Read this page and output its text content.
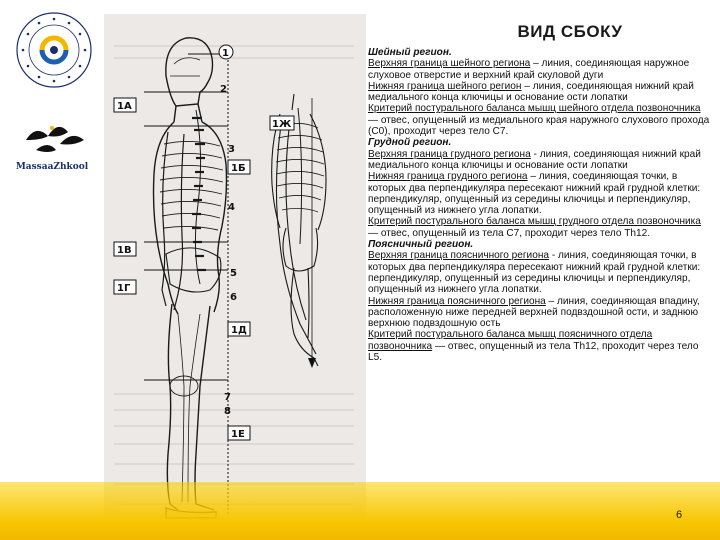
MassaaZhkool
1
2
3
4
5
6
7
8
1А
1В
1Г
1Б
1Д
1Е
1Ж
ВИД СБОКУ

Шейный регион.

Верхняя граница шейного региона – линия, соединяющая наружное слуховое отверстие и верхний край скуловой дуги

Нижняя граница шейного регион – линия, соединяющая нижний край медиального конца ключицы и основание ости лопатки

Критерий постурального баланса мышц шейного отдела позвоночника — отвес, опущенный из медиального края наружного слухового прохода (С0), проходит через тело С7.

Грудной регион.

Верхняя граница грудного региона - линия, соединяющая нижний край медиального конца ключицы и основание ости лопатки

Нижняя граница грудного региона – линия, соединяющая точки, в которых два перпендикуляра пересекают нижний край грудной клетки: перпендикуляр, опущенный из середины ключицы и перпендикуляр, опущенный из нижнего угла лопатки.

Критерий постурального баланса мышц грудного отдела позвоночника — отвес, опущенный из тела С7, проходит через тело Th12.

Поясничный регион.

Верхняя граница поясничного региона - линия, соединяющая точки, в которых два перпендикуляра пересекают нижний край грудной клетки: перпендикуляр, опущенный из середины ключицы и перпендикуляр, опущенный из нижнего угла лопатки.

Нижняя граница поясничного региона – линия, соединяющая впадину, расположенную ниже передней верхней подвздошной ости, и заднюю верхнюю подвздошную ость

Критерий постурального баланса мышц поясничного отдела позвоночника — отвес, опущенный из тела Th12, проходит через тело L5.

6
